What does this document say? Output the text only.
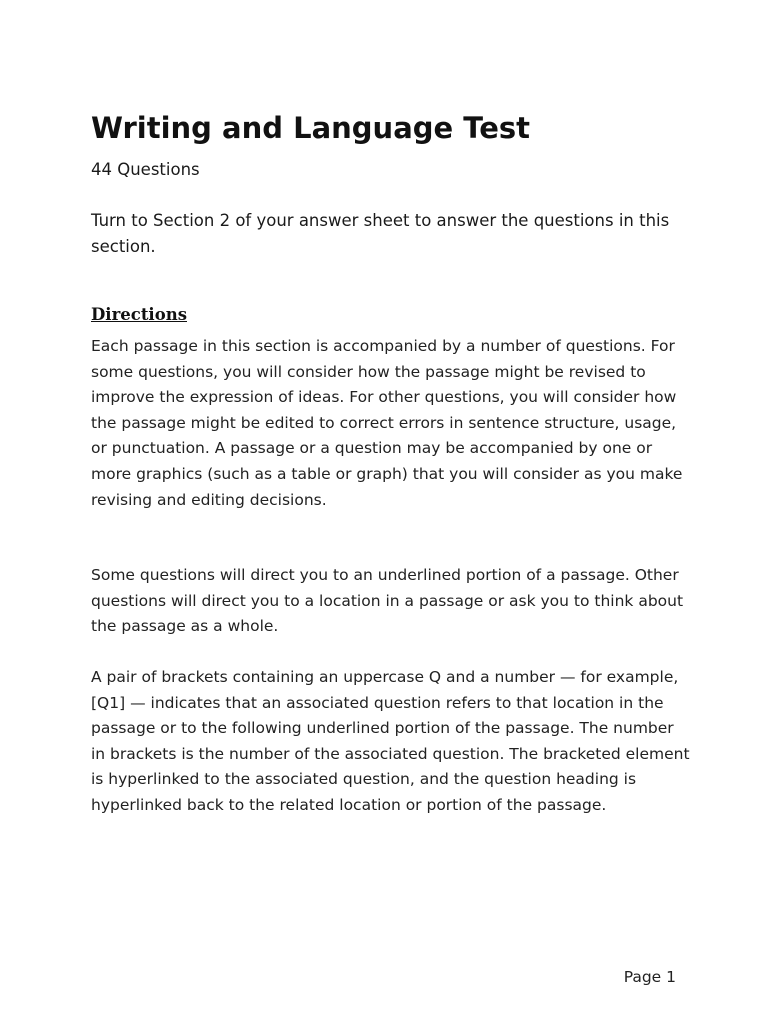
Writing and Language Test

44 Questions

Turn to Section 2 of your answer sheet to answer the questions in this section.

Directions

Each passage in this section is accompanied by a number of questions. For some questions, you will consider how the passage might be revised to improve the expression of ideas. For other questions, you will consider how the passage might be edited to correct errors in sentence structure, usage, or punctuation. A passage or a question may be accompanied by one or more graphics (such as a table or graph) that you will consider as you make revising and editing decisions.

Some questions will direct you to an underlined portion of a passage. Other questions will direct you to a location in a passage or ask you to think about the passage as a whole.

A pair of brackets containing an uppercase Q and a number — for example, [Q1] — indicates that an associated question refers to that location in the passage or to the following underlined portion of the passage. The number in brackets is the number of the associated question. The bracketed element is hyperlinked to the associated question, and the question heading is hyperlinked back to the related location or portion of the passage.

Page 1
